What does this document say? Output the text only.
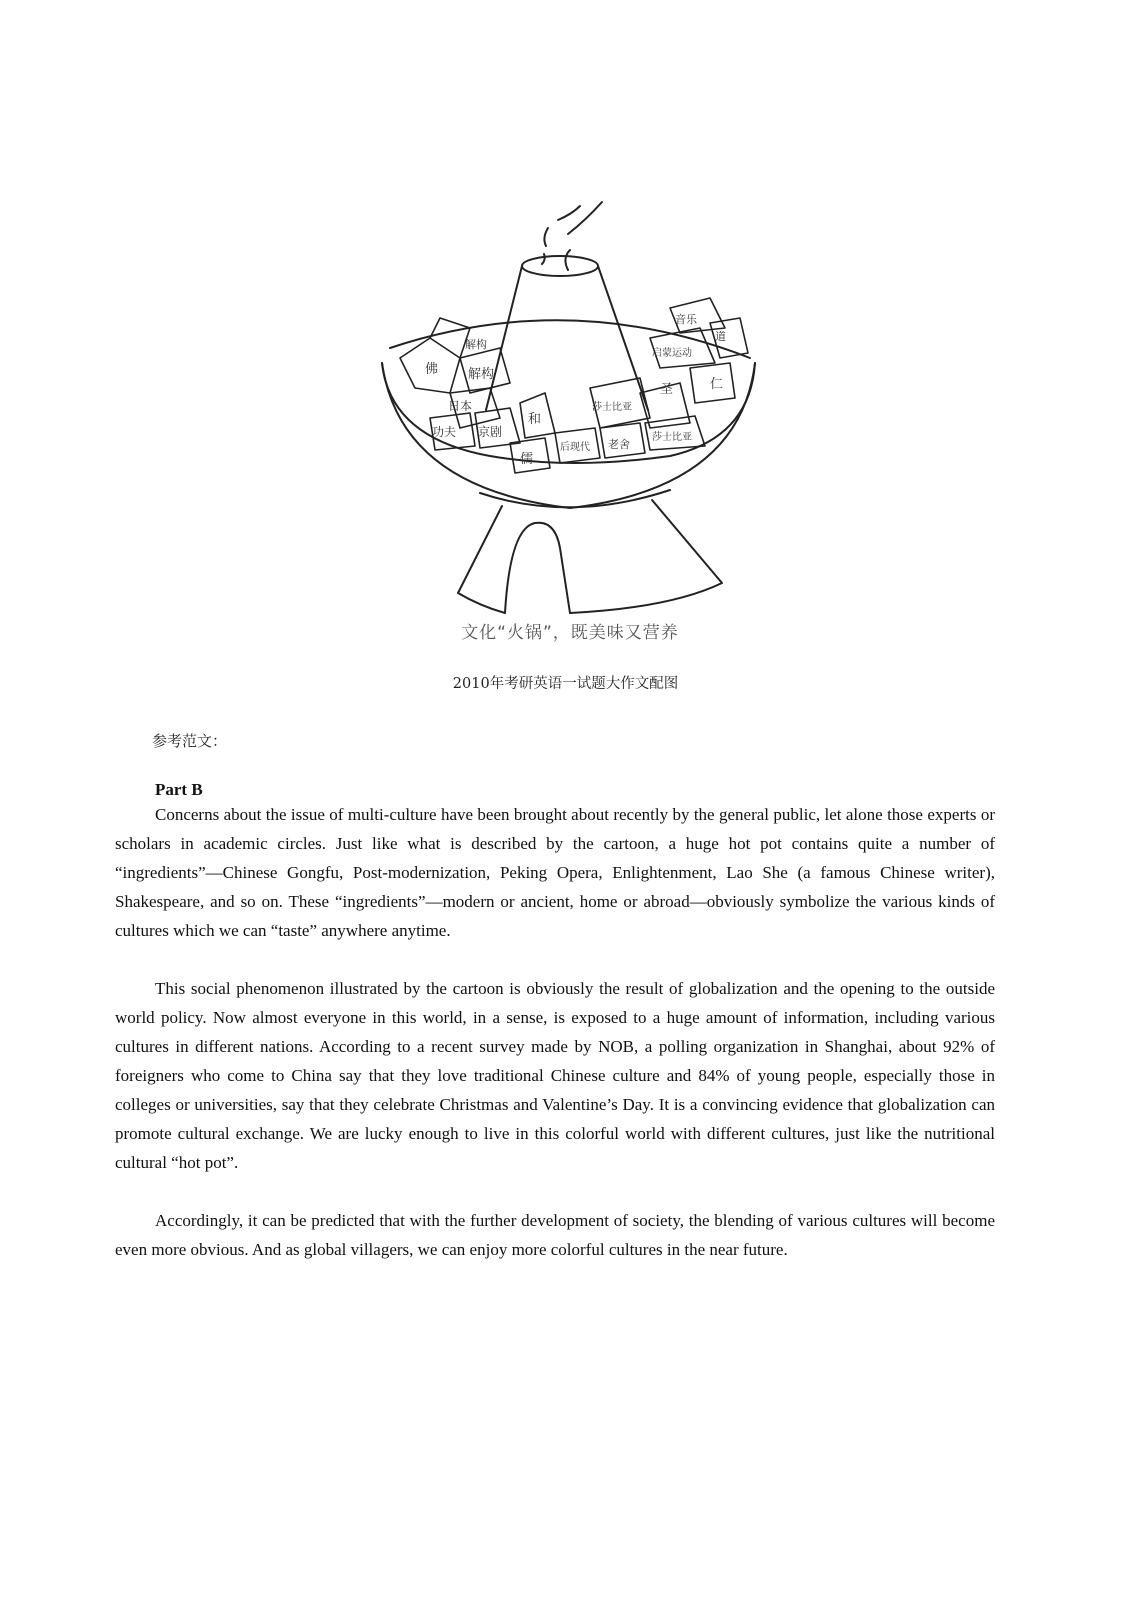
佛
解构
解构
日本
功夫 京剧
和
儒
后现代 老舍
莎士比亚
音乐
启蒙运动
圣	仁
道
莎士比亚
文化“火锅”，既美味又营养
2010年考研英语一试题大作文配图
参考范文：
Part B

Concerns about the issue of multi-culture have been brought about recently by the general public, let alone those experts or scholars in academic circles. Just like what is described by the cartoon, a huge hot pot contains quite a number of “ingredients”—Chinese Gongfu, Post-modernization, Peking Opera, Enlightenment, Lao She (a famous Chinese writer), Shakespeare, and so on. These “ingredients”—modern or ancient, home or abroad—obviously symbolize the various kinds of cultures which we can “taste” anywhere anytime.

This social phenomenon illustrated by the cartoon is obviously the result of globalization and the opening to the outside world policy. Now almost everyone in this world, in a sense, is exposed to a huge amount of information, including various cultures in different nations. According to a recent survey made by NOB, a polling organization in Shanghai, about 92% of foreigners who come to China say that they love traditional Chinese culture and 84% of young people, especially those in colleges or universities, say that they celebrate Christmas and Valentine’s Day. It is a convincing evidence that globalization can promote cultural exchange. We are lucky enough to live in this colorful world with different cultures, just like the nutritional cultural “hot pot”.

Accordingly, it can be predicted that with the further development of society, the blending of various cultures will become even more obvious. And as global villagers, we can enjoy more colorful cultures in the near future.
